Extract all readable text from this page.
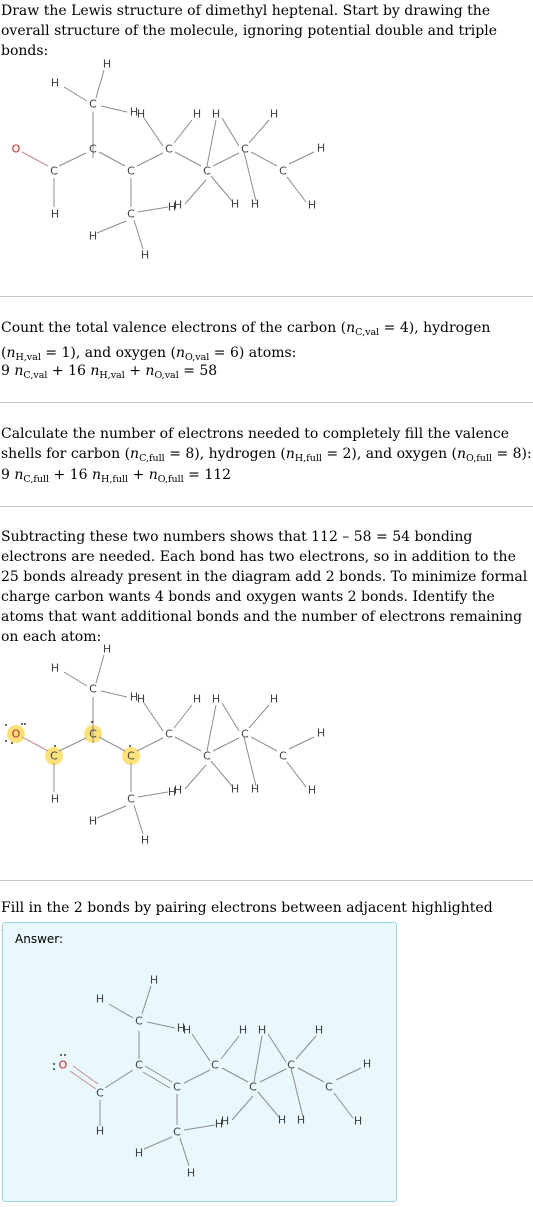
Draw the Lewis structure of dimethyl heptenal. Start by drawing the overall structure of the molecule, ignoring potential double and triple bonds:

O
C
C
C
C
C
C
C
C
C
H
H
H
H
H
H
H
H
H
H H	H
H H
H
H

Count the total valence electrons of the carbon $(n_{C,val} = 4)$, hydrogen $(n_{H,val} = 1)$, and oxygen $(n_{O,val} = 6)$ atoms:

9 $n_{C,val} + 16$ $n_{H,val} + n_{O,val} = 58$

Calculate the number of electrons needed to completely fill the valence shells for carbon $(n_{C,full} = 8)$, hydrogen $(n_{H,full} = 2)$, and oxygen $(n_{O,full} = 8)$:

9 $n_{C,full} + 16$ $n_{H,full} + n_{O,full} = 112$

Subtracting these two numbers shows that 112 – 58 = 54 bonding electrons are needed. Each bond has two electrons, so in addition to the 25 bonds already present in the diagram add 2 bonds. To minimize formal charge carbon wants 4 bonds and oxygen wants 2 bonds. Identify the atoms that want additional bonds and the number of electrons remaining on each atom:

O
C
C
C
C
C
C
C
C
C
H
H
H
H
H
H
H
H
H
H H	H
H H
H
H

Fill in the 2 bonds by pairing electrons between adjacent highlighted

Answer:
O
C
C
C
C
C
C
C
C
C
H
H
H
H
H
H
H
H
H
H H	H
H H
H
H
